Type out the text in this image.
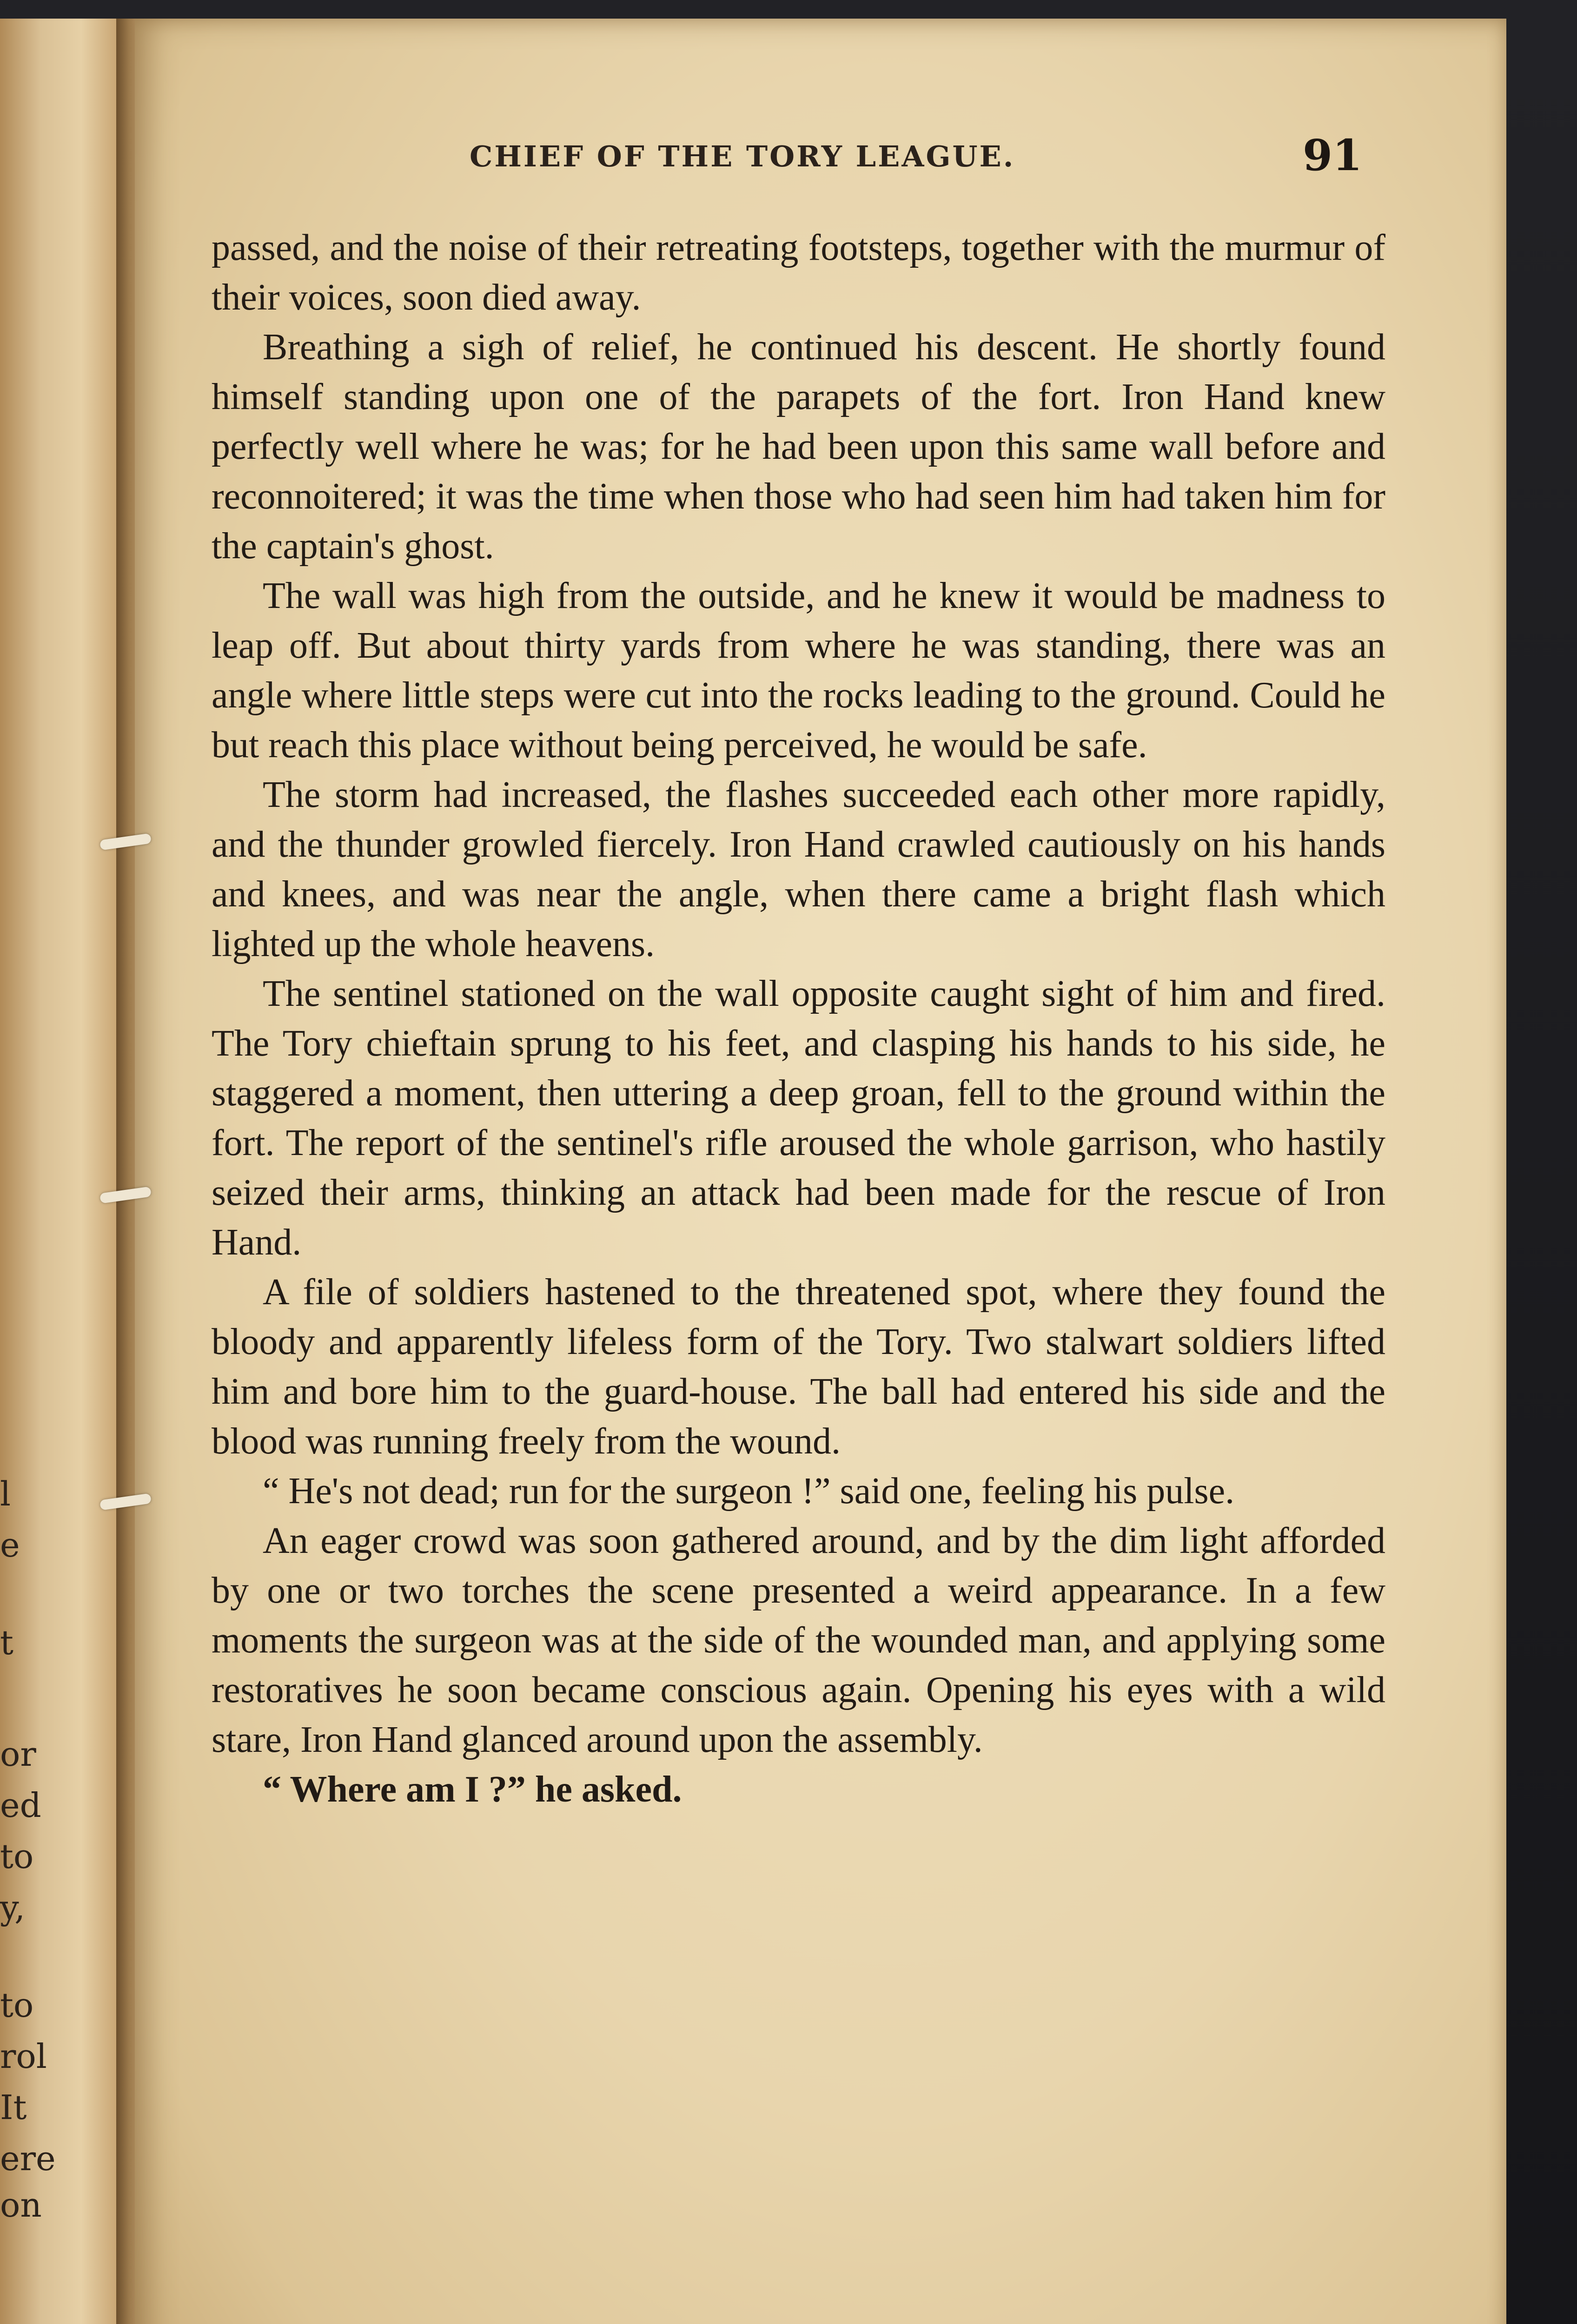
l
e
t
or
ed
to
y,
to
rol
It
ere
on
CHIEF OF THE TORY LEAGUE.	91

passed, and the noise of their retreating footsteps, together with the murmur of their voices, soon died away.

Breathing a sigh of relief, he continued his descent. He shortly found himself standing upon one of the parapets of the fort. Iron Hand knew perfectly well where he was; for he had been upon this same wall before and reconnoitered; it was the time when those who had seen him had taken him for the captain's ghost.

The wall was high from the outside, and he knew it would be madness to leap off. But about thirty yards from where he was standing, there was an angle where little steps were cut into the rocks leading to the ground. Could he but reach this place without being perceived, he would be safe.

The storm had increased, the flashes succeeded each other more rapidly, and the thunder growled fiercely. Iron Hand crawled cautiously on his hands and knees, and was near the angle, when there came a bright flash which lighted up the whole heavens.

The sentinel stationed on the wall opposite caught sight of him and fired. The Tory chieftain sprung to his feet, and clasping his hands to his side, he staggered a moment, then uttering a deep groan, fell to the ground within the fort. The report of the sentinel's rifle aroused the whole garrison, who hastily seized their arms, thinking an attack had been made for the rescue of Iron Hand.

A file of soldiers hastened to the threatened spot, where they found the bloody and apparently lifeless form of the Tory. Two stalwart soldiers lifted him and bore him to the guard-house. The ball had entered his side and the blood was running freely from the wound.

“ He's not dead; run for the surgeon !” said one, feeling his pulse.

An eager crowd was soon gathered around, and by the dim light afforded by one or two torches the scene presented a weird appearance. In a few moments the surgeon was at the side of the wounded man, and applying some restoratives he soon became conscious again. Opening his eyes with a wild stare, Iron Hand glanced around upon the assembly.

“ Where am I ?” he asked.
